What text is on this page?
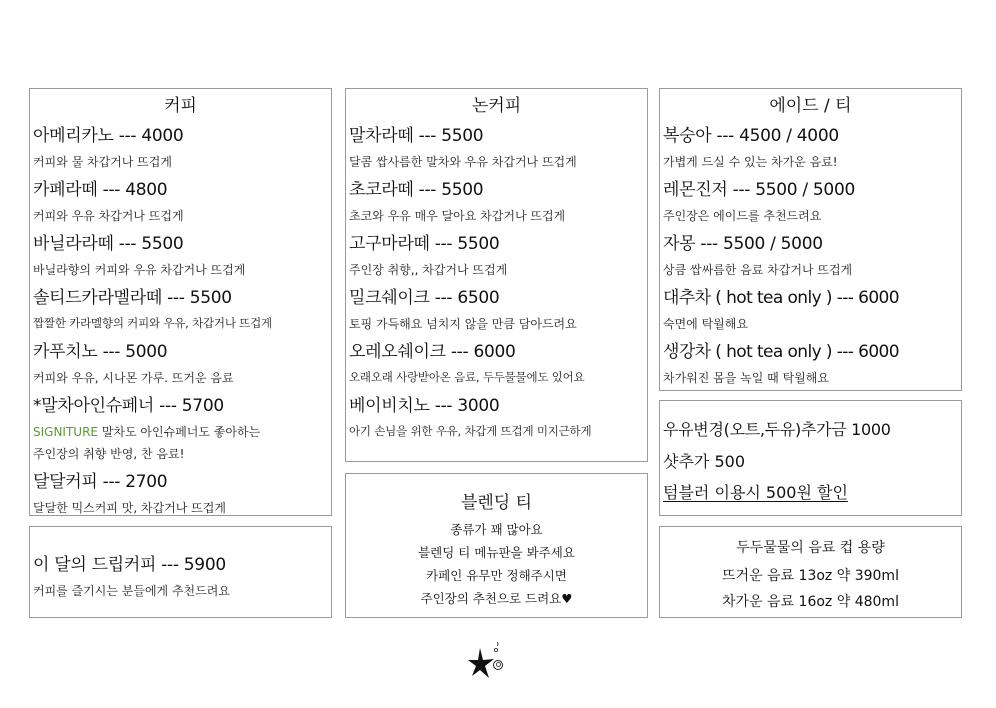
커피
아메리카노 --- 4000
커피와 물 차갑거나 뜨겁게
카페라떼 --- 4800
커피와 우유 차갑거나 뜨겁게
바닐라라떼 --- 5500
바닐라향의 커피와 우유 차갑거나 뜨겁게
솔티드카라멜라떼 --- 5500
짭짤한 카라멜향의 커피와 우유, 차갑거나 뜨겁게
카푸치노 --- 5000
커피와 우유, 시나몬 가루. 뜨거운 음료
*말차아인슈페너 --- 5700
SIGNITURE 말차도 아인슈페너도 좋아하는
주인장의 취향 반영, 찬 음료!
달달커피 --- 2700
달달한 믹스커피 맛, 차갑거나 뜨겁게
이 달의 드립커피 --- 5900
커피를 즐기시는 분들에게 추천드려요
논커피
말차라떼 --- 5500
달콤 쌉사름한 말차와 우유 차갑거나 뜨겁게
초코라떼 --- 5500
초코와 우유 매우 달아요 차갑거나 뜨겁게
고구마라떼 --- 5500
주인장 취향,, 차갑거나 뜨겁게
밀크쉐이크 --- 6500
토핑 가득해요 넘치지 않을 만큼 담아드려요
오레오쉐이크 --- 6000
오래오래 사랑받아온 음료, 두두물물에도 있어요
베이비치노 --- 3000
아기 손님을 위한 우유, 차갑게 뜨겁게 미지근하게
블렌딩 티
종류가 꽤 많아요
블렌딩 티 메뉴판을 봐주세요
카페인 유무만 정해주시면
주인장의 추천으로 드려요♥
에이드 / 티
복숭아 --- 4500 / 4000
가볍게 드실 수 있는 차가운 음료!
레몬진저 --- 5500 / 5000
주인장은 에이드를 추천드려요
자몽 --- 5500 / 5000
상큼 쌉싸름한 음료 차갑거나 뜨겁게
대추차 ( hot tea only ) --- 6000
숙면에 탁월해요
생강차 ( hot tea only ) --- 6000
차가워진 몸을 녹일 때 탁월해요
우유변경(오트,두유)추가금 1000
샷추가 500
텀블러 이용시 500원 할인
두두물물의 음료 컵 용량
뜨거운 음료 13oz 약 390ml
차가운 음료 16oz 약 480ml
